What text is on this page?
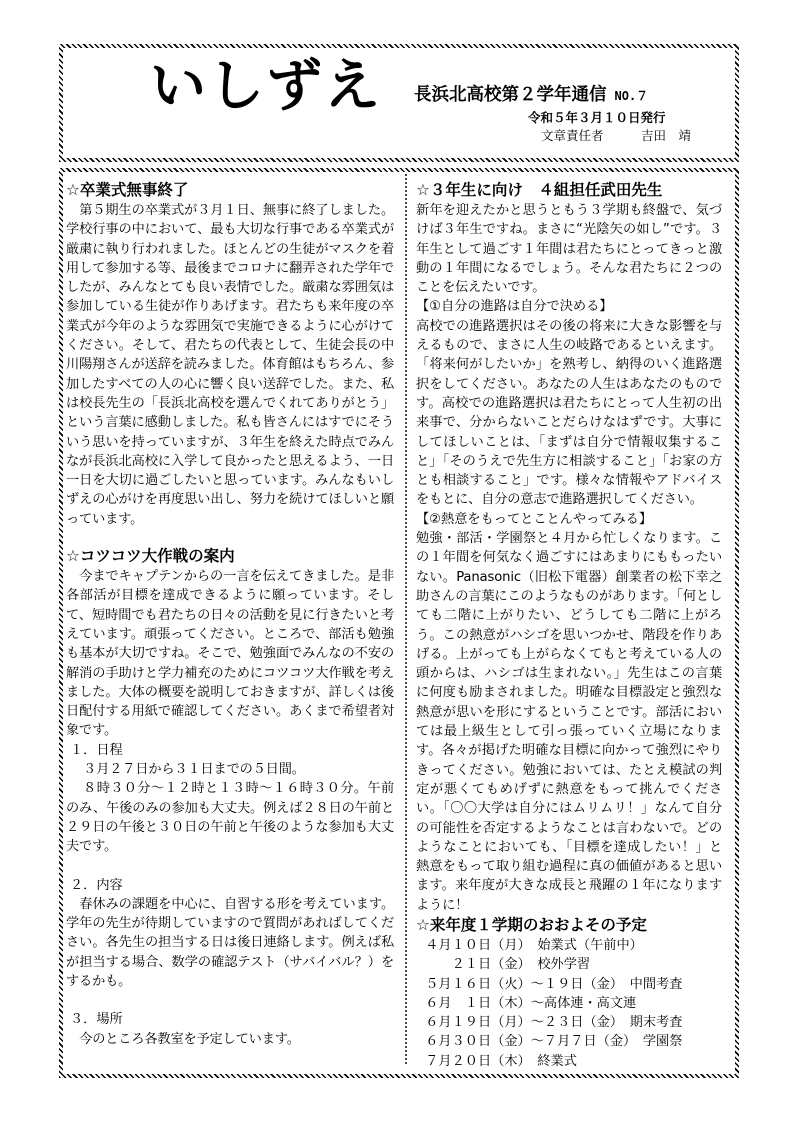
いしずえ 長浜北高校第２学年通信 NO.７
令和５年３月１０日発行
文章責任者　　　	吉田　靖
☆卒業式無事終了

第５期生の卒業式が３月１日、無事に終了しました。学校行事の中において、最も大切な行事である卒業式が厳粛に執り行われました。ほとんどの生徒がマスクを着用して参加する等、最後までコロナに翻弄された学年でしたが、みんなとても良い表情でした。厳粛な雰囲気は参加している生徒が作りあげます。君たちも来年度の卒業式が今年のような雰囲気で実施できるように心がけてください。そして、君たちの代表として、生徒会長の中川陽翔さんが送辞を読みました。体育館はもちろん、参加したすべての人の心に響く良い送辞でした。また、私は校長先生の「長浜北高校を選んでくれてありがとう」という言葉に感動しました。私も皆さんにはすでにそういう思いを持っていますが、３年生を終えた時点でみんなが長浜北高校に入学して良かったと思えるよう、一日一日を大切に過ごしたいと思っています。みんなもいしずえの心がけを再度思い出し、努力を続けてほしいと願っています。

☆コツコツ大作戦の案内

今までキャプテンからの一言を伝えてきました。是非各部活が目標を達成できるように願っています。そして、短時間でも君たちの日々の活動を見に行きたいと考えています。頑張ってください。ところで、部活も勉強も基本が大切ですね。そこで、勉強面でみんなの不安の解消の手助けと学力補充のためにコツコツ大作戦を考えました。大体の概要を説明しておきますが、詳しくは後日配付する用紙で確認してください。あくまで希望者対象です。

１．日程

３月２７日から３１日までの５日間。

８時３０分～１２時と１３時～１６時３０分。午前のみ、午後のみの参加も大丈夫。例えば２８日の午前と２９日の午後と３０日の午前と午後のような参加も大丈夫です。

２．内容

春休みの課題を中心に、自習する形を考えています。学年の先生が待期していますので質問があればしてください。各先生の担当する日は後日連絡します。例えば私が担当する場合、数学の確認テスト（サバイバル？）をするかも。

３．場所

今のところ各教室を予定しています。

☆３年生に向け　４組担任武田先生

新年を迎えたかと思うともう３学期も終盤で、気づけば３年生ですね。まさに“光陰矢の如し”です。３年生として過ごす１年間は君たちにとってきっと激動の１年間になるでしょう。そんな君たちに２つのことを伝えたいです。

【①自分の進路は自分で決める】

高校での進路選択はその後の将来に大きな影響を与えるもので、まさに人生の岐路であるといえます。「将来何がしたいか」を熟考し、納得のいく進路選択をしてください。あなたの人生はあなたのものです。高校での進路選択は君たちにとって人生初の出来事で、分からないことだらけなはずです。大事にしてほしいことは、「まずは自分で情報収集すること」「そのうえで先生方に相談すること」「お家の方とも相談すること」です。様々な情報やアドバイスをもとに、自分の意志で進路選択してください。

【②熱意をもってとことんやってみる】

勉強・部活・学園祭と４月から忙しくなります。この１年間を何気なく過ごすにはあまりにももったいない。Panasonic（旧松下電器）創業者の松下幸之助さんの言葉にこのようなものがあります。「何としても二階に上がりたい、どうしても二階に上がろう。この熱意がハシゴを思いつかせ、階段を作りあげる。上がっても上がらなくてもと考えている人の頭からは、ハシゴは生まれない。」先生はこの言葉に何度も励まされました。明確な目標設定と強烈な熱意が思いを形にするということです。部活においては最上級生として引っ張っていく立場になります。各々が掲げた明確な目標に向かって強烈にやりきってください。勉強においては、たとえ模試の判定が悪くてもめげずに熱意をもって挑んでください。「〇〇大学は自分にはムリムリ！」なんて自分の可能性を否定するようなことは言わないで。どのようなことにおいても、「目標を達成したい！」と熱意をもって取り組む過程に真の価値があると思います。来年度が大きな成長と飛躍の１年になりますように！

☆来年度１学期のおおよその予定

４月１０日（月）　始業式（午前中）

　　２１日（金）　校外学習

５月１６日（火）～１９日（金）　中間考査

６月　１日（木）～高体連・高文連

６月１９日（月）～２３日（金）　期末考査

６月３０日（金）～７月７日（金）　学園祭

７月２０日（木）　終業式
